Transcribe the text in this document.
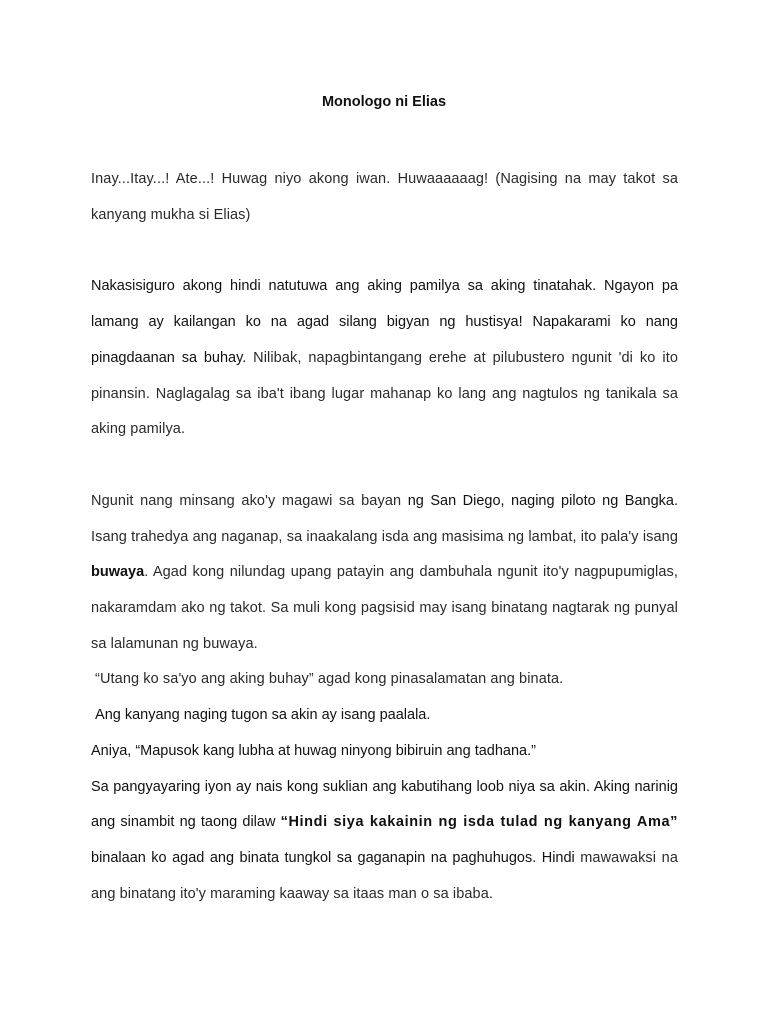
Monologo ni Elias

Inay...Itay...! Ate...! Huwag niyo akong iwan. Huwaaaaaag! (Nagising na may takot sa kanyang mukha si Elias)

Nakasisiguro akong hindi natutuwa ang aking pamilya sa aking tinatahak. Ngayon pa lamang ay kailangan ko na agad silang bigyan ng hustisya! Napakarami ko nang pinagdaanan sa buhay. Nilibak, napagbintangang erehe at pilubustero ngunit 'di ko ito pinansin. Naglagalag sa iba't ibang lugar mahanap ko lang ang nagtulos ng tanikala sa aking pamilya.

Ngunit nang minsang ako'y magawi sa bayan ng San Diego, naging piloto ng Bangka. Isang trahedya ang naganap, sa inaakalang isda ang masisima ng lambat, ito pala'y isang buwaya. Agad kong nilundag upang patayin ang dambuhala ngunit ito'y nagpupumiglas, nakaramdam ako ng takot. Sa muli kong pagsisid may isang binatang nagtarak ng punyal sa lalamunan ng buwaya.

“Utang ko sa'yo ang aking buhay” agad kong pinasalamatan ang binata.

Ang kanyang naging tugon sa akin ay isang paalala.

Aniya, “Mapusok kang lubha at huwag ninyong bibiruin ang tadhana.”

Sa pangyayaring iyon ay nais kong suklian ang kabutihang loob niya sa akin. Aking narinig ang sinambit ng taong dilaw “Hindi siya kakainin ng isda tulad ng kanyang Ama” binalaan ko agad ang binata tungkol sa gaganapin na paghuhugos. Hindi mawawaksi na ang binatang ito'y maraming kaaway sa itaas man o sa ibaba.
